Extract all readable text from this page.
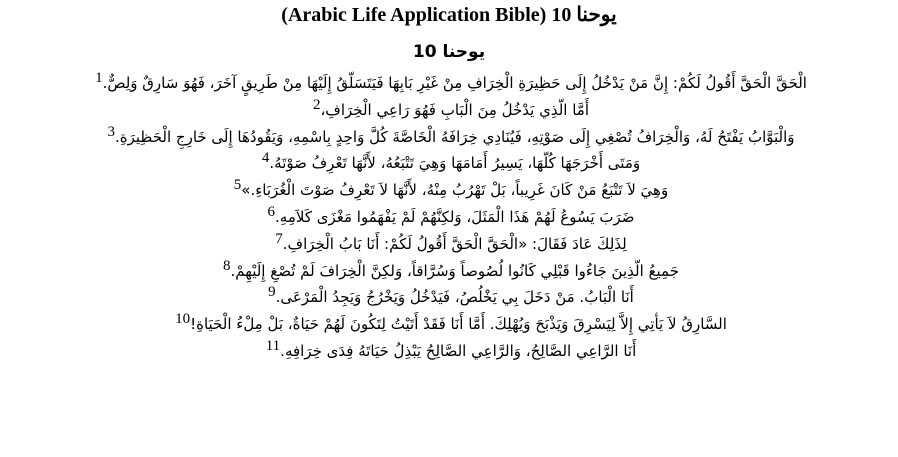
يوحنا 10 (Arabic Life Application Bible)
يوحنا 10
1الْحَقَّ الْحَقَّ أَقُولُ لَكُمْ: إِنَّ مَنْ يَدْخُلُ إِلَى حَظِيرَةِ الْخِرَافِ مِنْ غَيْرِ بَابِهَا فَيَتَسَلَّقُ إِلَيْهَا مِنْ طَرِيقٍ آخَرَ، فَهُوَ سَارِقٌ وَلِصٌّ.
2أَمَّا الَّذِي يَدْخُلُ مِنَ الْبَابِ فَهُوَ رَاعِي الْخِرَافِ،
3وَالْبَوَّابُ يَفْتَحُ لَهُ، وَالْخِرَافُ تُصْغِي إِلَى صَوْتِهِ، فَيُنَادِي خِرَافَهُ الْخَاصَّةَ كُلَّ وَاحِدٍ بِاسْمِهِ، وَيَقُودُهَا إِلَى خَارِجِ الْحَظِيرَةِ.
4وَمَتَى أَخْرَجَهَا كُلَّهَا، يَسِيرُ أَمَامَهَا وَهِيَ تَتْبَعُهُ، لأَنَّهَا تَعْرِفُ صَوْتَهُ.
5وَهِيَ لاَ تَتْبَعُ مَنْ كَانَ غَرِيباً، بَلْ تَهْرُبُ مِنْهُ، لأَنَّهَا لاَ تَعْرِفُ صَوْتَ الْغُرَبَاءِ.»
6ضَرَبَ يَسُوعُ لَهُمْ هَذَا الْمَثَلَ، وَلكِنَّهُمْ لَمْ يَفْهَمُوا مَغْزَى كَلاَمِهِ.
7لِذَلِكَ عَادَ فَقَالَ: «الْحَقَّ الْحَقَّ أَقُولُ لَكُمْ: أَنَا بَابُ الْخِرَافِ.
8جَمِيعُ الَّذِينَ جَاءُوا قَبْلِي كَانُوا لُصُوصاً وَسُرَّاقاً، وَلكِنَّ الْخِرَافَ لَمْ تُصْغِ إِلَيْهِمْ.
9أَنَا الْبَابُ. مَنْ دَخَلَ بِي يَخْلُصُ، فَيَدْخُلُ وَيَخْرُجُ وَيَجِدُ الْمَرْعَى.
10السَّارِقُ لاَ يَأْتِي إِلاَّ لِيَسْرِقَ وَيَذْبَحَ وَيُهْلِكَ. أَمَّا أَنَا فَقَدْ أَتَيْتُ لِتَكُونَ لَهُمْ حَيَاةٌ، بَلْ مِلْءُ الْحَيَاةِ!
11أَنَا الرَّاعِي الصَّالِحُ، وَالرَّاعِي الصَّالِحُ يَبْذِلُ حَيَاتَهُ فِدَى خِرَافِهِ.
